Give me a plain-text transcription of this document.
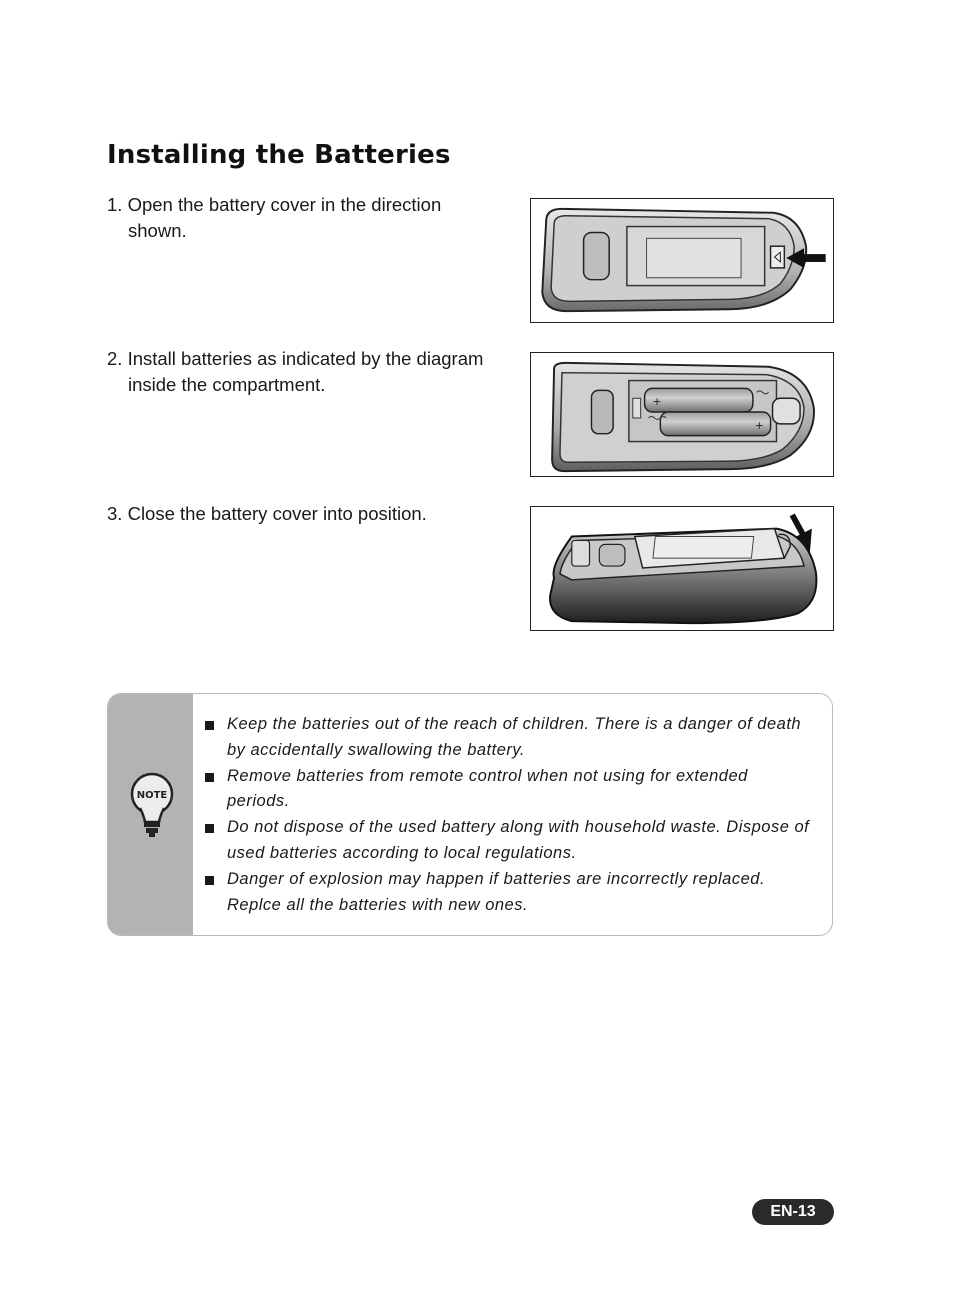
Installing the Batteries
1. Open the battery cover in the direction
shown.
2. Install batteries as indicated by the diagram
inside the compartment.
3. Close the battery cover into position.
+
+
NOTE
Keep the batteries out of the reach of children. There is a danger of death by accidentally swallowing the battery.
Remove batteries from remote control when not using for extended periods.
Do not dispose of the used battery along with household waste. Dispose of used batteries according to local regulations.
Danger of explosion may happen if batteries are incorrectly replaced. Replce all the batteries with new ones.
EN-13
